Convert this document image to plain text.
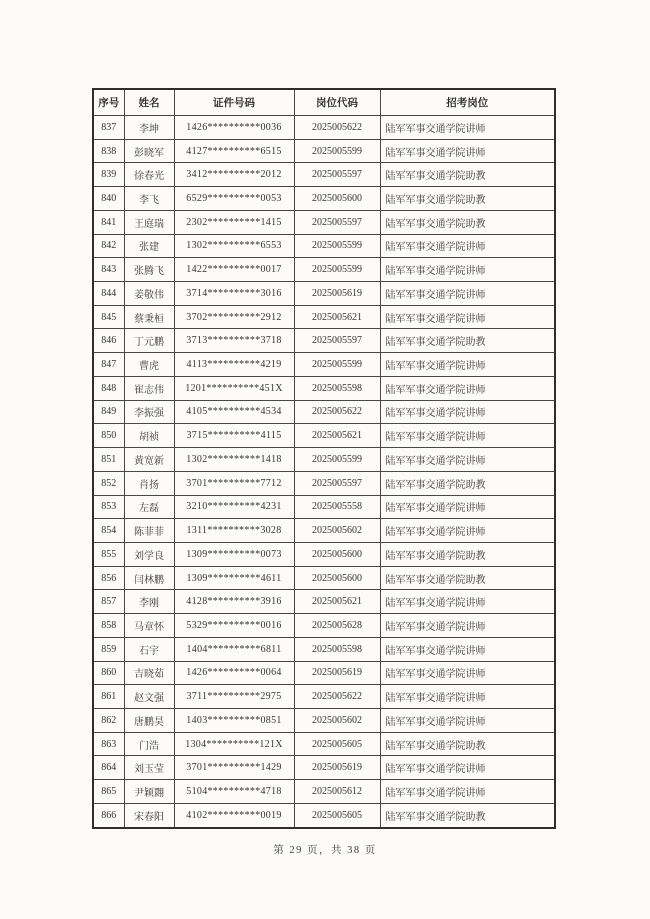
序号	姓名	证件号码	岗位代码	招考岗位
837	李坤	1426**********0036	2025005622	陆军军事交通学院讲师
838	彭晓军	4127**********6515	2025005599	陆军军事交通学院讲师
839	徐春光	3412**********2012	2025005597	陆军军事交通学院助教
840	李飞	6529**********0053	2025005600	陆军军事交通学院助教
841	王庭瑞	2302**********1415	2025005597	陆军军事交通学院助教
842	张建	1302**********6553	2025005599	陆军军事交通学院讲师
843	张腾飞	1422**********0017	2025005599	陆军军事交通学院讲师
844	姜敬伟	3714**********3016	2025005619	陆军军事交通学院讲师
845	蔡秉桓	3702**********2912	2025005621	陆军军事交通学院讲师
846	丁元鹏	3713**********3718	2025005597	陆军军事交通学院助教
847	曹虎	4113**********4219	2025005599	陆军军事交通学院讲师
848	崔志伟	1201**********451X	2025005598	陆军军事交通学院讲师
849	李振强	4105**********4534	2025005622	陆军军事交通学院讲师
850	胡祯	3715**********4115	2025005621	陆军军事交通学院讲师
851	黄宽新	1302**********1418	2025005599	陆军军事交通学院讲师
852	肖扬	3701**********7712	2025005597	陆军军事交通学院助教
853	左磊	3210**********4231	2025005558	陆军军事交通学院讲师
854	陈菲菲	1311**********3028	2025005602	陆军军事交通学院讲师
855	刘学良	1309**********0073	2025005600	陆军军事交通学院助教
856	闫林鹏	1309**********4611	2025005600	陆军军事交通学院助教
857	李刚	4128**********3916	2025005621	陆军军事交通学院讲师
858	马章怀	5329**********0016	2025005628	陆军军事交通学院讲师
859	石宇	1404**********6811	2025005598	陆军军事交通学院讲师
860	吉晓茹	1426**********0064	2025005619	陆军军事交通学院讲师
861	赵文强	3711**********2975	2025005622	陆军军事交通学院讲师
862	唐鹏昊	1403**********0851	2025005602	陆军军事交通学院讲师
863	门浩	1304**********121X	2025005605	陆军军事交通学院助教
864	刘玉莹	3701**********1429	2025005619	陆军军事交通学院讲师
865	尹颖翾	5104**********4718	2025005612	陆军军事交通学院讲师
866	宋春阳	4102**********0019	2025005605	陆军军事交通学院助教
第 29 页，共 38 页
